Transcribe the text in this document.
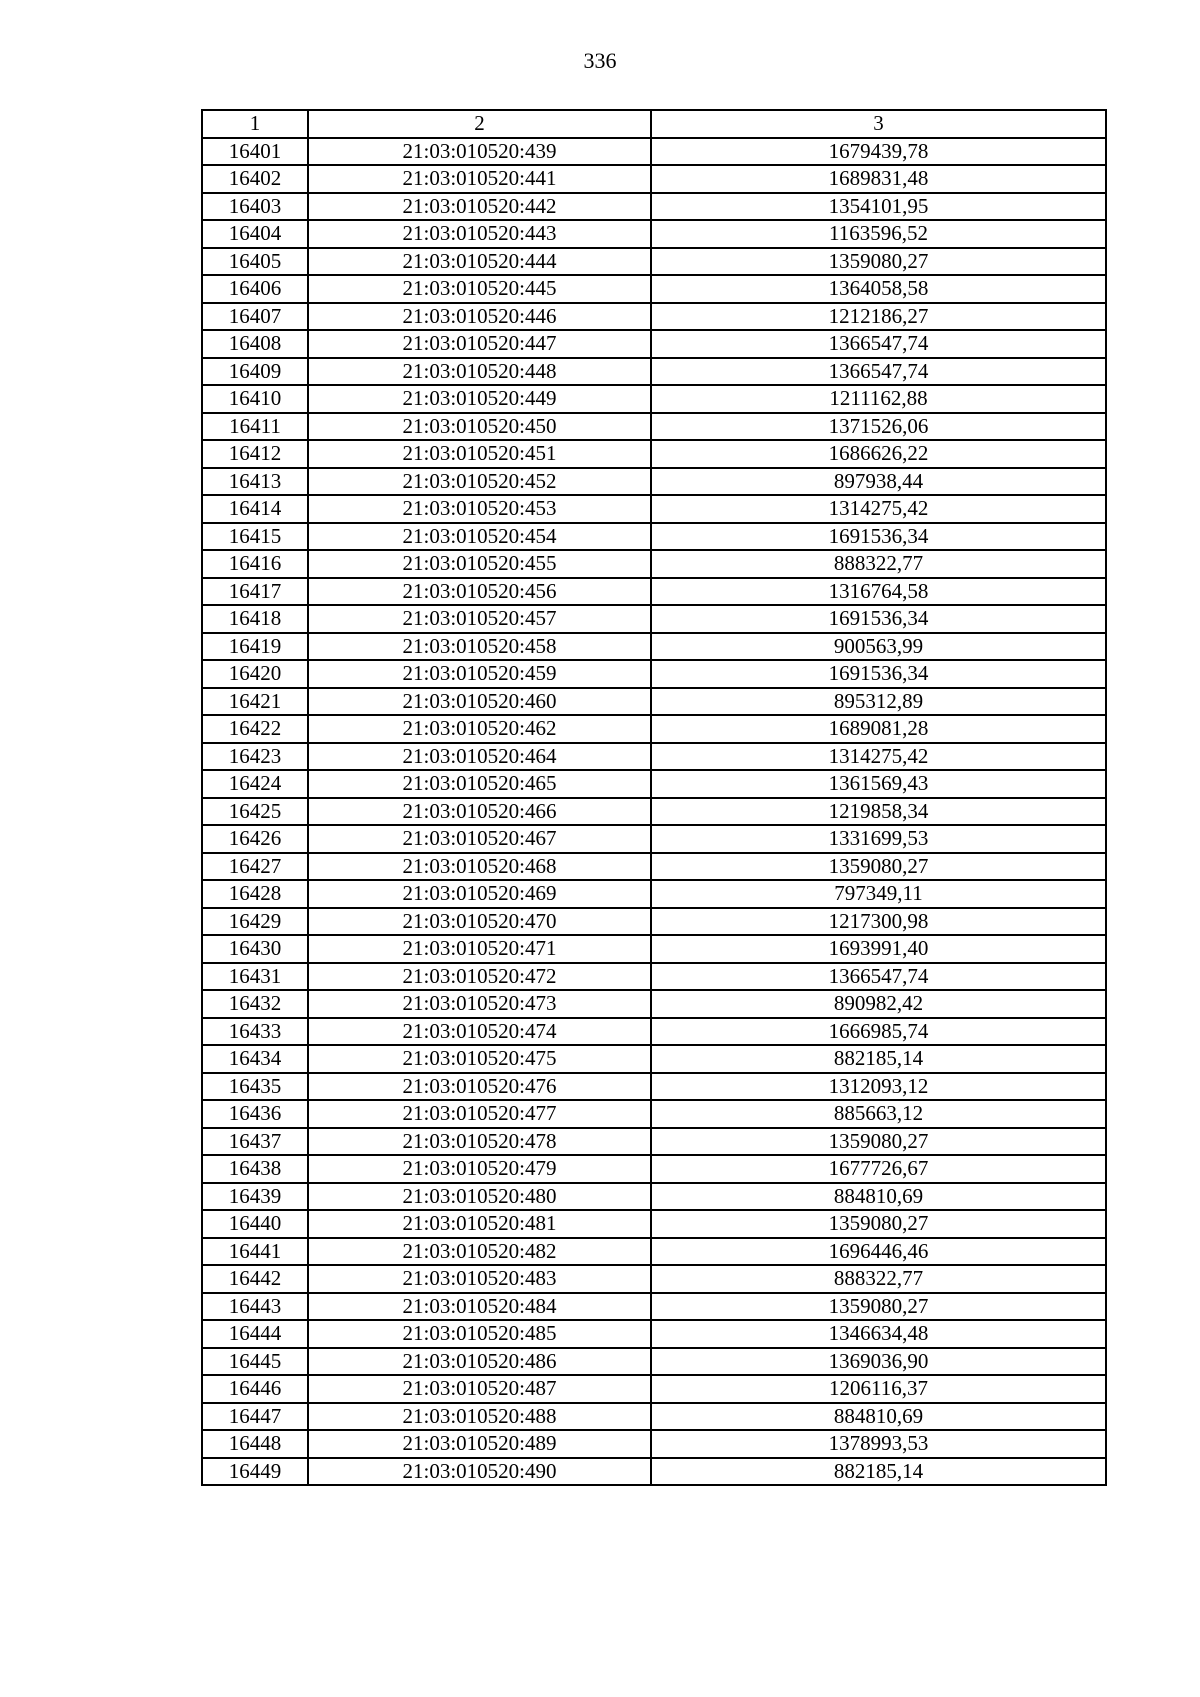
336
1	2	3
16401	21:03:010520:439	1679439,78
16402	21:03:010520:441	1689831,48
16403	21:03:010520:442	1354101,95
16404	21:03:010520:443	1163596,52
16405	21:03:010520:444	1359080,27
16406	21:03:010520:445	1364058,58
16407	21:03:010520:446	1212186,27
16408	21:03:010520:447	1366547,74
16409	21:03:010520:448	1366547,74
16410	21:03:010520:449	1211162,88
16411	21:03:010520:450	1371526,06
16412	21:03:010520:451	1686626,22
16413	21:03:010520:452	897938,44
16414	21:03:010520:453	1314275,42
16415	21:03:010520:454	1691536,34
16416	21:03:010520:455	888322,77
16417	21:03:010520:456	1316764,58
16418	21:03:010520:457	1691536,34
16419	21:03:010520:458	900563,99
16420	21:03:010520:459	1691536,34
16421	21:03:010520:460	895312,89
16422	21:03:010520:462	1689081,28
16423	21:03:010520:464	1314275,42
16424	21:03:010520:465	1361569,43
16425	21:03:010520:466	1219858,34
16426	21:03:010520:467	1331699,53
16427	21:03:010520:468	1359080,27
16428	21:03:010520:469	797349,11
16429	21:03:010520:470	1217300,98
16430	21:03:010520:471	1693991,40
16431	21:03:010520:472	1366547,74
16432	21:03:010520:473	890982,42
16433	21:03:010520:474	1666985,74
16434	21:03:010520:475	882185,14
16435	21:03:010520:476	1312093,12
16436	21:03:010520:477	885663,12
16437	21:03:010520:478	1359080,27
16438	21:03:010520:479	1677726,67
16439	21:03:010520:480	884810,69
16440	21:03:010520:481	1359080,27
16441	21:03:010520:482	1696446,46
16442	21:03:010520:483	888322,77
16443	21:03:010520:484	1359080,27
16444	21:03:010520:485	1346634,48
16445	21:03:010520:486	1369036,90
16446	21:03:010520:487	1206116,37
16447	21:03:010520:488	884810,69
16448	21:03:010520:489	1378993,53
16449	21:03:010520:490	882185,14
